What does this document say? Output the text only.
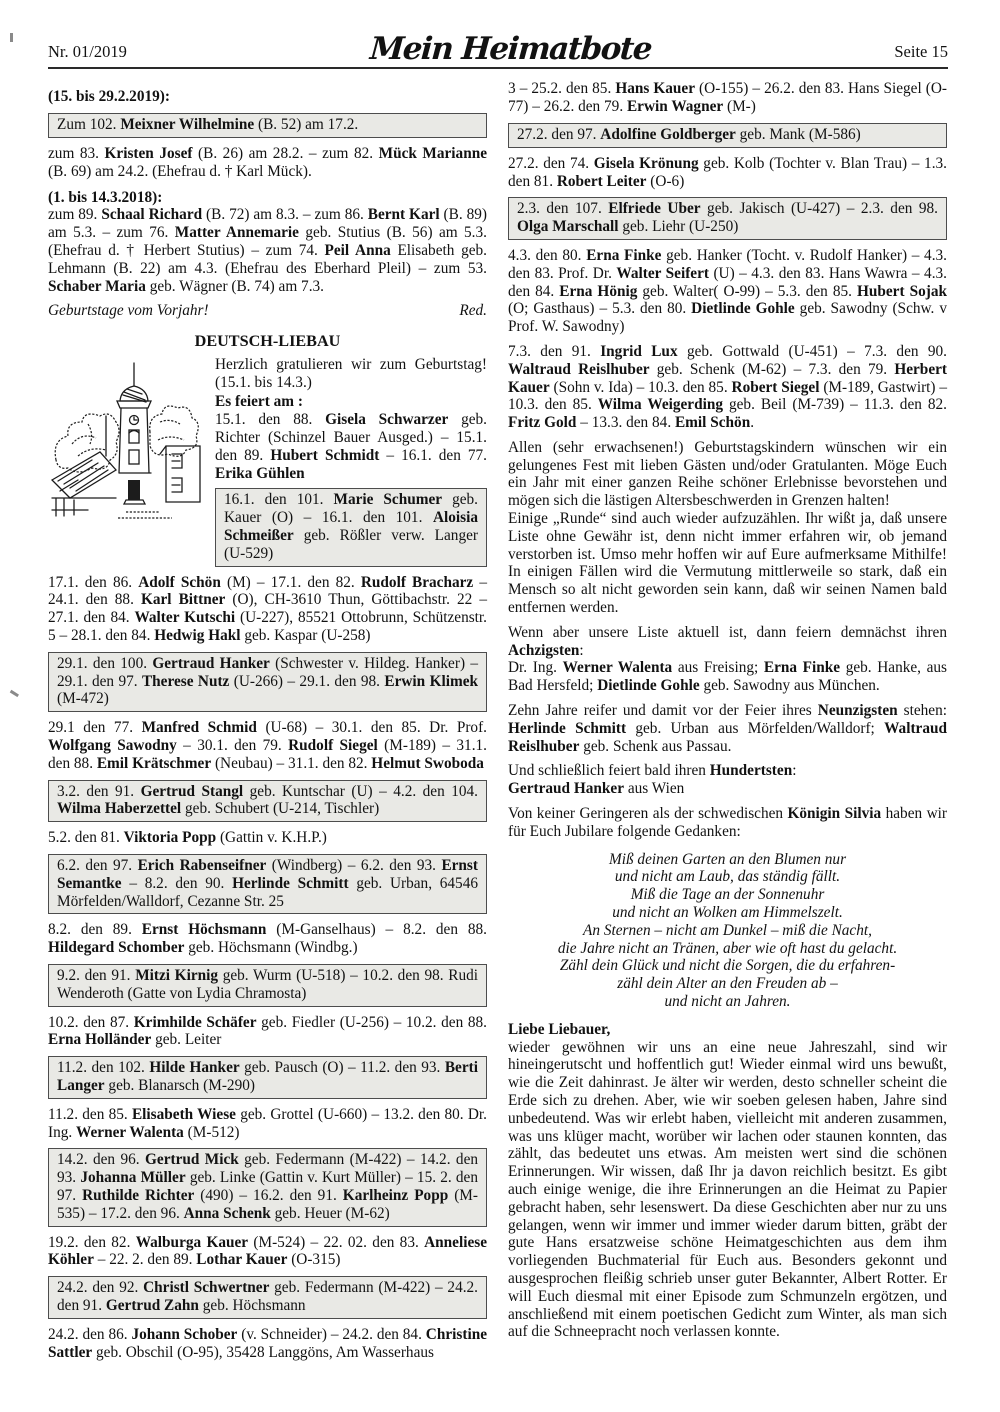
Nr. 01/2019	Mein Heimatbote	Seite 15
(15. bis 29.2.2019):
Zum 102. Meixner Wilhelmine (B. 52) am 17.2.
zum 83. Kristen Josef (B. 26) am 28.2. – zum 82. Mück Marianne (B. 69) am 24.2. (Ehefrau d. † Karl Mück).
(1. bis 14.3.2018):
zum 89. Schaal Richard (B. 72) am 8.3. – zum 86. Bernt Karl (B. 89) am 5.3. – zum 76. Matter Annemarie geb. Stutius (B. 56) am 5.3. (Ehefrau d. † Herbert Stutius) – zum 74. Peil Anna Elisabeth geb. Lehmann (B. 22) am 4.3. (Ehefrau des Eberhard Pleil) – zum 53. Schaber Maria geb. Wägner (B. 74) am 7.3.
Geburtstage vom Vorjahr!	Red.
DEUTSCH-LIEBAU
Herzlich gratulieren wir zum Geburtstag! (15.1. bis 14.3.)
Es feiert am :
15.1. den 88. Gisela Schwarzer geb. Richter (Schinzel Bauer Ausged.) – 15.1. den 89. Hubert Schmidt – 16.1. den 77. Erika Gühlen
16.1. den 101. Marie Schumer geb. Kauer (O) – 16.1. den 101. Aloisia Schmeißer geb. Rößler verw. Langer (U-529)
17.1. den 86. Adolf Schön (M) – 17.1. den 82. Rudolf Bracharz – 24.1. den 88. Karl Bittner (O), CH-3610 Thun, Göttibachstr. 22 – 27.1. den 84. Walter Kutschi (U-227), 85521 Ottobrunn, Schützenstr. 5 – 28.1. den 84. Hedwig Hakl geb. Kaspar (U-258)
29.1. den 100. Gertraud Hanker (Schwester v. Hildeg. Hanker) – 29.1. den 97. Therese Nutz (U-266) – 29.1. den 98. Erwin Klimek (M-472)
29.1 den 77. Manfred Schmid (U-68) – 30.1. den 85. Dr. Prof. Wolfgang Sawodny – 30.1. den 79. Rudolf Siegel (M-189) – 31.1. den 88. Emil Krätschmer (Neubau) – 31.1. den 82. Helmut Swoboda
3.2. den 91. Gertrud Stangl geb. Kuntschar (U) – 4.2. den 104. Wilma Haberzettel geb. Schubert (U-214, Tischler)
5.2. den 81. Viktoria Popp (Gattin v. K.H.P.)
6.2. den 97. Erich Rabenseifner (Windberg) – 6.2. den 93. Ernst Semantke – 8.2. den 90. Herlinde Schmitt geb. Urban, 64546 Mörfelden/Walldorf, Cezanne Str. 25
8.2. den 89. Ernst Höchsmann (M-Ganselhaus) – 8.2. den 88. Hildegard Schomber geb. Höchsmann (Windbg.)
9.2. den 91. Mitzi Kirnig geb. Wurm (U-518) – 10.2. den 98. Rudi Wenderoth (Gatte von Lydia Chramosta)
10.2. den 87. Krimhilde Schäfer geb. Fiedler (U-256) – 10.2. den 88. Erna Holländer geb. Leiter
11.2. den 102. Hilde Hanker geb. Pausch (O) – 11.2. den 93. Berti Langer geb. Blanarsch (M-290)
11.2. den 85. Elisabeth Wiese geb. Grottel (U-660) – 13.2. den 80. Dr. Ing. Werner Walenta (M-512)
14.2. den 96. Gertrud Mick geb. Federmann (M-422) – 14.2. den 93. Johanna Müller geb. Linke (Gattin v. Kurt Müller) – 15. 2. den 97. Ruthilde Richter (490) – 16.2. den 91. Karlheinz Popp (M-535) – 17.2. den 96. Anna Schenk geb. Heuer (M-62)
19.2. den 82. Walburga Kauer (M-524) – 22. 02. den 83. Anneliese Köhler – 22. 2. den 89. Lothar Kauer (O-315)
24.2. den 92. Christl Schwertner geb. Federmann (M-422) – 24.2. den 91. Gertrud Zahn geb. Höchsmann
24.2. den 86. Johann Schober (v. Schneider) – 24.2. den 84. Christine Sattler geb. Obschil (O-95), 35428 Langgöns, Am Wasserhaus
3 – 25.2. den 85. Hans Kauer (O-155) – 26.2. den 83. Hans Siegel (O-77) – 26.2. den 79. Erwin Wagner (M-)
27.2. den 97. Adolfine Goldberger geb. Mank (M-586)
27.2. den 74. Gisela Krönung geb. Kolb (Tochter v. Blan Trau) – 1.3. den 81. Robert Leiter (O-6)
2.3. den 107. Elfriede Uber geb. Jakisch (U-427) – 2.3. den 98. Olga Marschall geb. Liehr (U-250)
4.3. den 80. Erna Finke geb. Hanker (Tocht. v. Rudolf Hanker) – 4.3. den 83. Prof. Dr. Walter Seifert (U) – 4.3. den 83. Hans Wawra – 4.3. den 84. Erna Hönig geb. Walter( O-99) – 5.3. den 85. Hubert Sojak (O; Gasthaus) – 5.3. den 80. Dietlinde Gohle geb. Sawodny (Schw. v Prof. W. Sawodny)
7.3. den 91. Ingrid Lux geb. Gottwald (U-451) – 7.3. den 90. Waltraud Reislhuber geb. Schenk (M-62) – 7.3. den 79. Herbert Kauer (Sohn v. Ida) – 10.3. den 85. Robert Siegel (M-189, Gastwirt) – 10.3. den 85. Wilma Weigerding geb. Beil (M-739) – 11.3. den 82. Fritz Gold – 13.3. den 84. Emil Schön.
Allen (sehr erwachsenen!) Geburtstagskindern wünschen wir ein gelungenes Fest mit lieben Gästen und/oder Gratulanten. Möge Euch ein Jahr mit einer ganzen Reihe schöner Erlebnisse bevorstehen und mögen sich die lästigen Altersbeschwerden in Grenzen halten!
Einige „Runde“ sind auch wieder aufzuzählen. Ihr wißt ja, daß unsere Liste ohne Gewähr ist, denn nicht immer erfahren wir, ob jemand verstorben ist. Umso mehr hoffen wir auf Eure aufmerksame Mithilfe! In einigen Fällen wird die Vermutung mittlerweile so stark, daß ein Mensch so alt nicht geworden sein kann, daß wir seinen Namen bald entfernen werden.
Wenn aber unsere Liste aktuell ist, dann feiern demnächst ihren Achzigsten:
Dr. Ing. Werner Walenta aus Freising; Erna Finke geb. Hanke, aus Bad Hersfeld; Dietlinde Gohle geb. Sawodny aus München.
Zehn Jahre reifer und damit vor der Feier ihres Neunzigsten stehen: Herlinde Schmitt geb. Urban aus Mörfelden/Walldorf; Waltraud Reislhuber geb. Schenk aus Passau.
Und schließlich feiert bald ihren Hundertsten:
Gertraud Hanker aus Wien
Von keiner Geringeren als der schwedischen Königin Silvia haben wir für Euch Jubilare folgende Gedanken:
Miß deinen Garten an den Blumen nur
und nicht am Laub, das ständig fällt.
Miß die Tage an der Sonnenuhr
und nicht an Wolken am Himmelszelt.
An Sternen – nicht am Dunkel – miß die Nacht,
die Jahre nicht an Tränen, aber wie oft hast du gelacht.
Zähl dein Glück und nicht die Sorgen, die du erfahren-
zähl dein Alter an den Freuden ab –
und nicht an Jahren.
Liebe Liebauer,
wieder gewöhnen wir uns an eine neue Jahreszahl, sind wir hineingerutscht und hoffentlich gut! Wieder einmal wird uns bewußt, wie die Zeit dahinrast. Je älter wir werden, desto schneller scheint die Erde sich zu drehen. Aber, wie wir soeben gelesen haben, Jahre sind unbedeutend. Was wir erlebt haben, vielleicht mit anderen zusammen, was uns klüger macht, worüber wir lachen oder staunen konnten, das zählt, das bedeutet uns etwas. Am meisten wert sind die schönen Erinnerungen. Wir wissen, daß Ihr ja davon reichlich besitzt. Es gibt auch einige wenige, die ihre Erinnerungen an die Heimat zu Papier gebracht haben, sehr lesenswert. Da diese Geschichten aber nur zu uns gelangen, wenn wir immer und immer wieder darum bitten, gräbt der gute Hans ersatzweise schöne Heimatgeschichten aus dem ihm vorliegenden Buchmaterial für Euch aus. Besonders gekonnt und ausgesprochen fleißig schrieb unser guter Bekannter, Albert Rotter. Er will Euch diesmal mit einer Episode zum Schmunzeln ergötzen, und anschließend mit einem poetischen Gedicht zum Winter, als man sich auf die Schneepracht noch verlassen konnte.
